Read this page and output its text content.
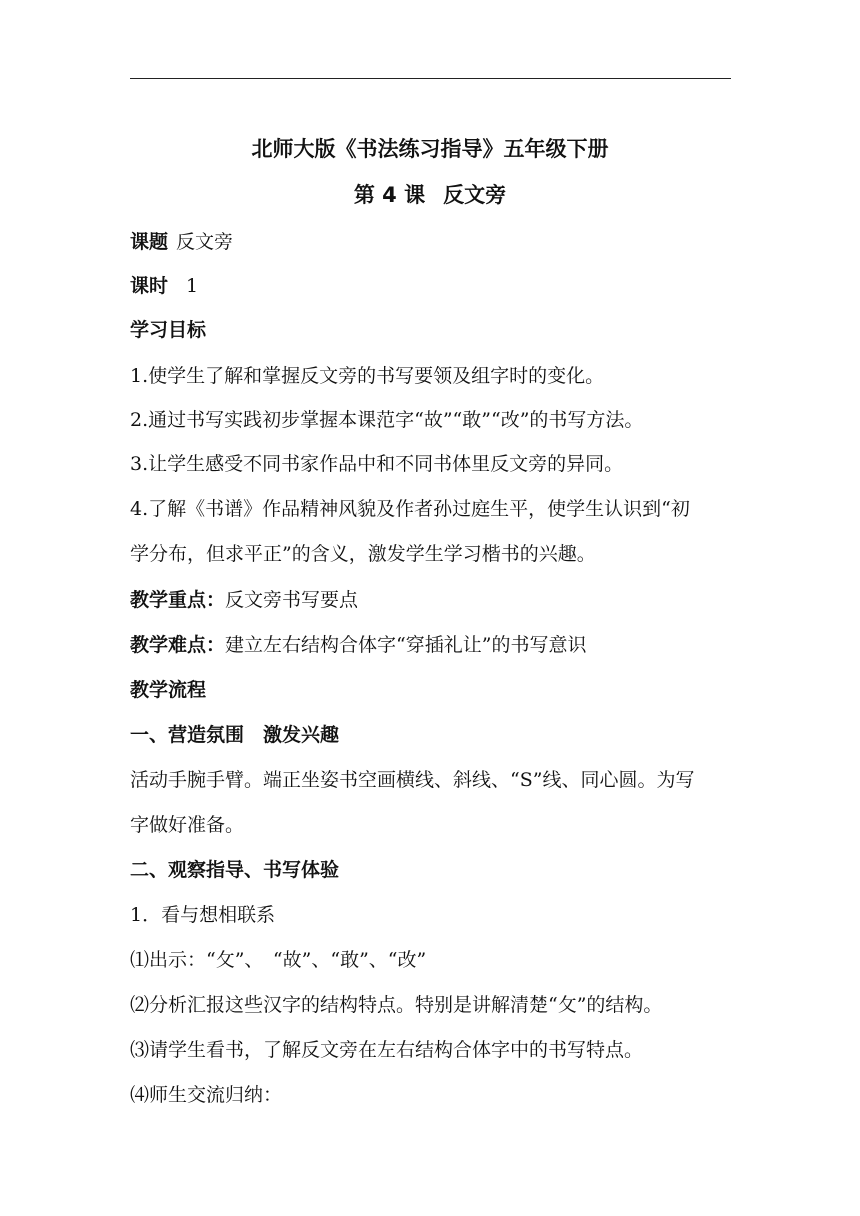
北师大版《书法练习指导》五年级下册
第 4 课 反文旁
课题 反文旁
课时 1
学习目标
1.使学生了解和掌握反文旁的书写要领及组字时的变化。
2.通过书写实践初步掌握本课范字“故”“敢”“改”的书写方法。
3.让学生感受不同书家作品中和不同书体里反文旁的异同。
4.了解《书谱》作品精神风貌及作者孙过庭生平，使学生认识到“初
学分布，但求平正”的含义，激发学生学习楷书的兴趣。
教学重点：反文旁书写要点
教学难点：建立左右结构合体字“穿插礼让”的书写意识
教学流程
一、营造氛围　激发兴趣
活动手腕手臂。端正坐姿书空画横线、斜线、“S”线、同心圆。为写
字做好准备。
二、观察指导、书写体验
1．看与想相联系
⑴出示：“攵”、　“故”、“敢”、“改”
⑵分析汇报这些汉字的结构特点。特别是讲解清楚“攵”的结构。
⑶请学生看书，了解反文旁在左右结构合体字中的书写特点。
⑷师生交流归纳：
